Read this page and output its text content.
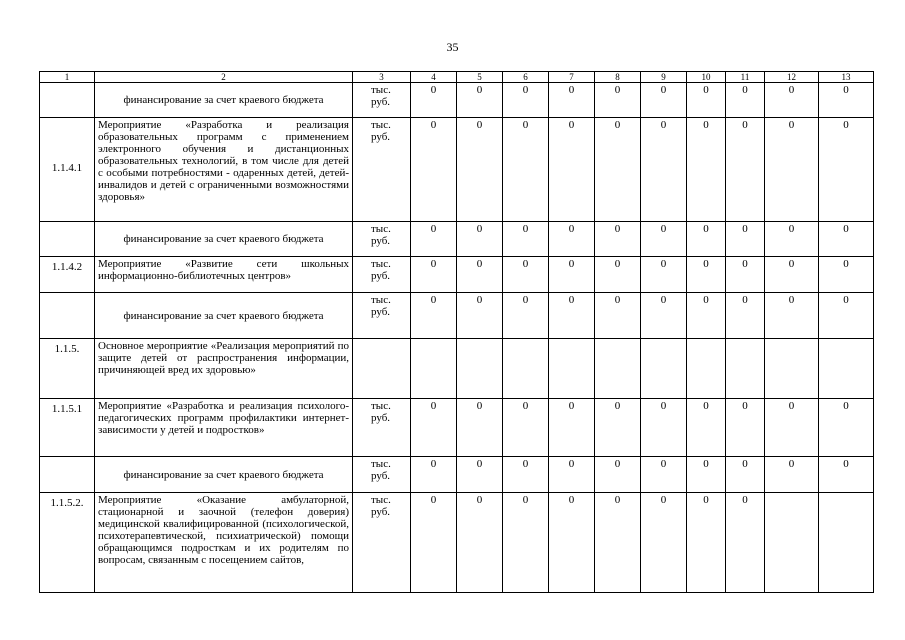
35
1	2	3	4	5	6	7	8	9	10	11	12	13
	финансирование за счет краевого бюджета	тыс. руб.	0	0	0	0	0	0	0	0	0	0
1.1.4.1	Мероприятие «Разработка и реализация образовательных программ с применением электронного обучения и дистанционных образовательных технологий, в том числе для детей с особыми потребностями - одаренных детей, детей-инвалидов и детей с ограниченными возможностями здоровья»	тыс. руб.	0	0	0	0	0	0	0	0	0	0
	финансирование за счет краевого бюджета	тыс. руб.	0	0	0	0	0	0	0	0	0	0
1.1.4.2	Мероприятие «Развитие сети школьных информационно-библиотечных центров»	тыс. руб.	0	0	0	0	0	0	0	0	0	0
	финансирование за счет краевого бюджета	тыс. руб.	0	0	0	0	0	0	0	0	0	0
1.1.5.	Основное мероприятие «Реализация мероприятий по защите детей от распространения информации, причиняющей вред их здоровью»											
1.1.5.1	Мероприятие «Разработка и реализация психолого-педагогических программ профилактики интернет-зависимости у детей и подростков»	тыс. руб.	0	0	0	0	0	0	0	0	0	0
	финансирование за счет краевого бюджета	тыс. руб.	0	0	0	0	0	0	0	0	0	0
1.1.5.2.	Мероприятие «Оказание амбулаторной, стационарной и заочной (телефон доверия) медицинской квалифицированной (психологической, психотерапевтической, психиатрической) помощи обращающимся подросткам и их родителям по вопросам, связанным с посещением сайтов,	тыс. руб.	0	0	0	0	0	0	0	0		
